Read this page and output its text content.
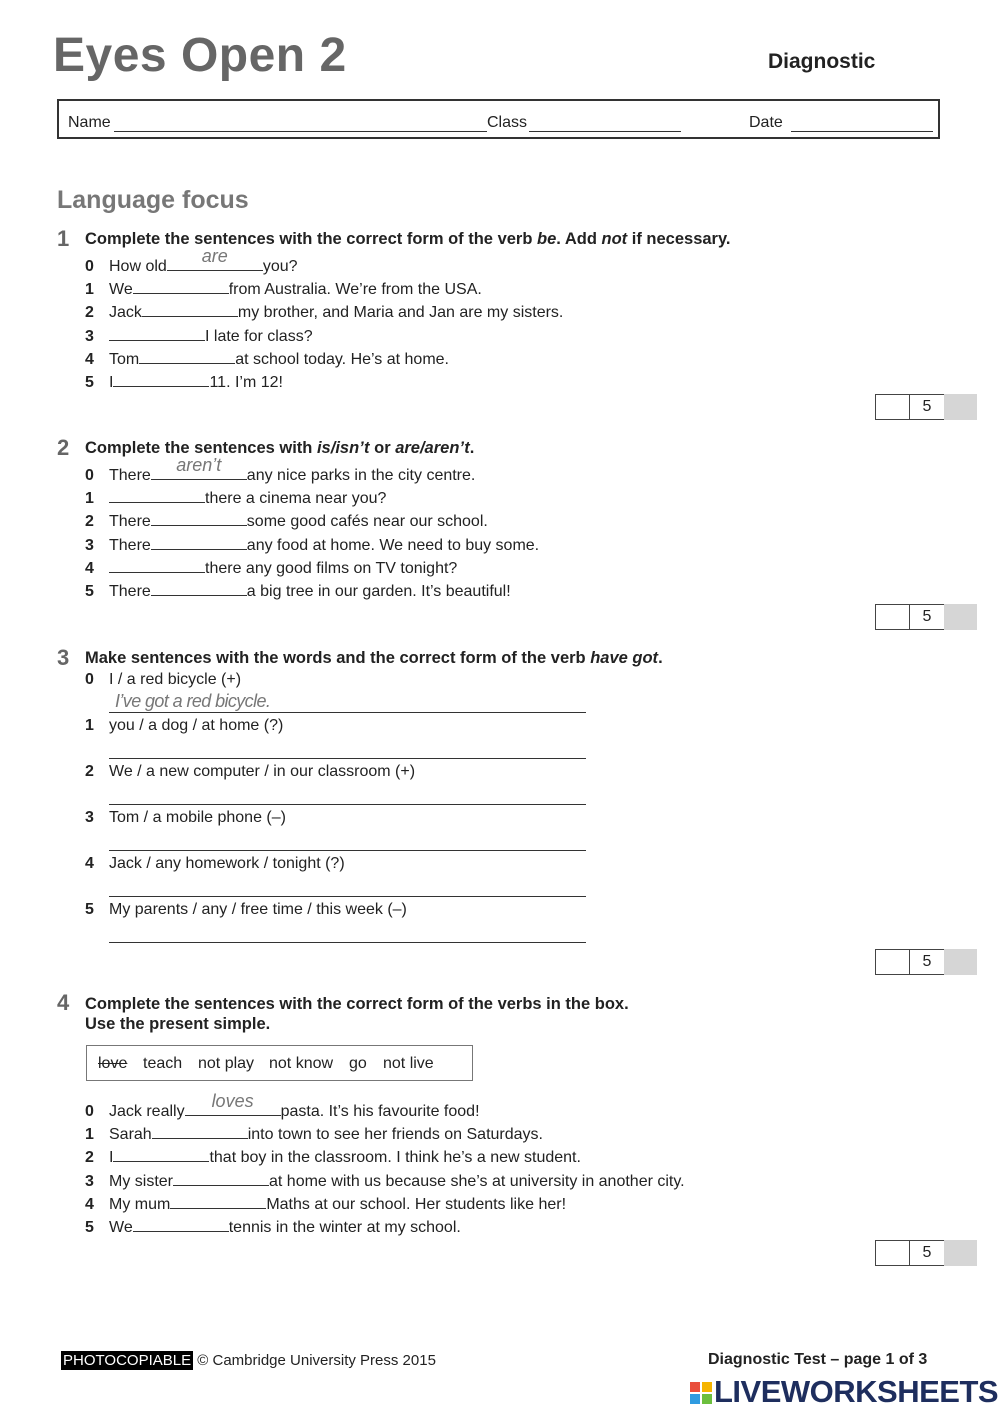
Eyes Open 2	Diagnostic
Name	Class	Date
Language focus
1 Complete the sentences with the correct form of the verb be. Add not if necessary.
0 How old
are
you?
1 We	from Australia. We’re from the USA.
2 Jack	my brother, and Maria and Jan are my sisters.
3	I late for class?
4 Tom	at school today. He’s at home.
5 I	11. I’m 12!
5
2 Complete the sentences with is/isn’t or are/aren’t.
0 There
aren’t
any nice parks in the city centre.
1	there a cinema near you?
2 There	some good cafés near our school.
3 There	any food at home. We need to buy some.
4	there any good films on TV tonight?
5 There	a big tree in our garden. It’s beautiful!
5
3 Make sentences with the words and the correct form of the verb have got.
0 I / a red bicycle (+)
I’ve got a red bicycle.
1 you / a dog / at home (?)
2 We / a new computer / in our classroom (+)
3 Tom / a mobile phone (–)
4 Jack / any homework / tonight (?)
5 My parents / any / free time / this week (–)
5
4 Complete the sentences with the correct form of the verbs in the box.
Use the present simple.
love teach not play not know go not live
0 Jack really
loves
pasta. It’s his favourite food!
1 Sarah	into town to see her friends on Saturdays.
2 I	that boy in the classroom. I think he’s a new student.
3 My sister	at home with us because she’s at university in another city.
4 My mum	Maths at our school. Her students like her!
5 We	tennis in the winter at my school.
5
PHOTOCOPIABLE © Cambridge University Press 2015	Diagnostic Test – page 1 of 3
LIVEWORKSHEETS
